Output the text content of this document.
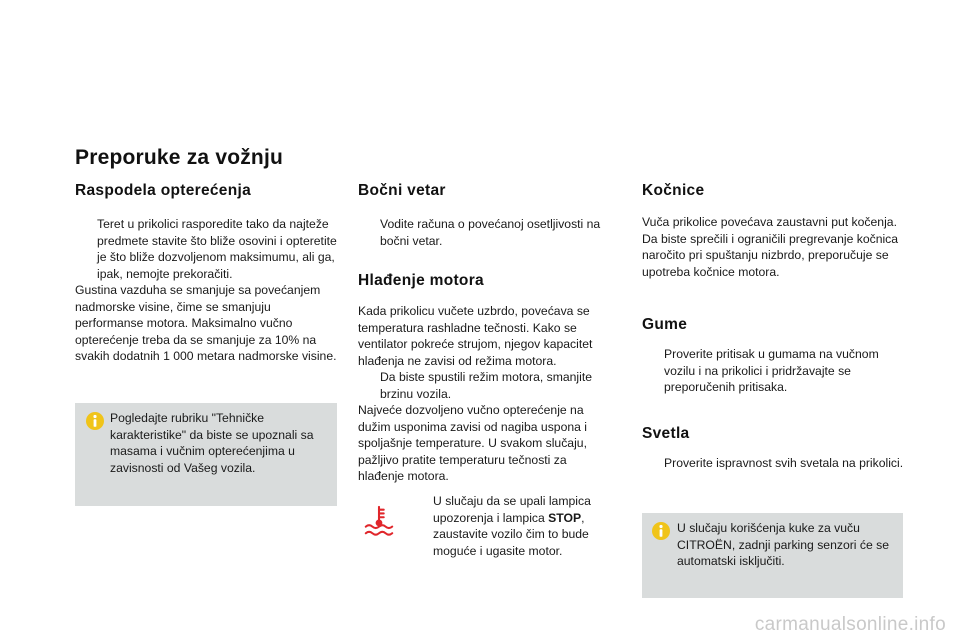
Preporuke za vožnju
Raspodela opterećenja
Teret u prikolici rasporedite tako da najteže predmete stavite što bliže osovini i opteretite je što bliže dozvoljenom maksimumu, ali ga, ipak, nemojte prekoračiti.
Gustina vazduha se smanjuje sa povećanjem nadmorske visine, čime se smanjuju performanse motora. Maksimalno vučno opterećenje treba da se smanjuje za 10% na svakih dodatnih 1 000 metara nadmorske visine.
Pogledajte rubriku "Tehničke karakteristike" da biste se upoznali sa masama i vučnim opterećenjima u zavisnosti od Vašeg vozila.
Bočni vetar
Vodite računa o povećanoj osetljivosti na bočni vetar.
Hlađenje motora
Kada prikolicu vučete uzbrdo, povećava se temperatura rashladne tečnosti. Kako se ventilator pokreće strujom, njegov kapacitet hlađenja ne zavisi od režima motora.
Da biste spustili režim motora, smanjite brzinu vozila.
Najveće dozvoljeno vučno opterećenje na dužim usponima zavisi od nagiba uspona i spoljašnje temperature. U svakom slučaju, pažljivo pratite temperaturu tečnosti za hlađenje motora.
U slučaju da se upali lampica upozorenja i lampica STOP, zaustavite vozilo čim to bude moguće i ugasite motor.
Kočnice
Vuča prikolice povećava zaustavni put kočenja. Da biste sprečili i ograničili pregrevanje kočnica naročito pri spuštanju nizbrdo, preporučuje se upotreba kočnice motora.
Gume
Proverite pritisak u gumama na vučnom vozilu i na prikolici i pridržavajte se preporučenih pritisaka.
Svetla
Proverite ispravnost svih svetala na prikolici.
U slučaju korišćenja kuke za vuču CITROËN, zadnji parking senzori će se automatski isključiti.
carmanualsonline.info
